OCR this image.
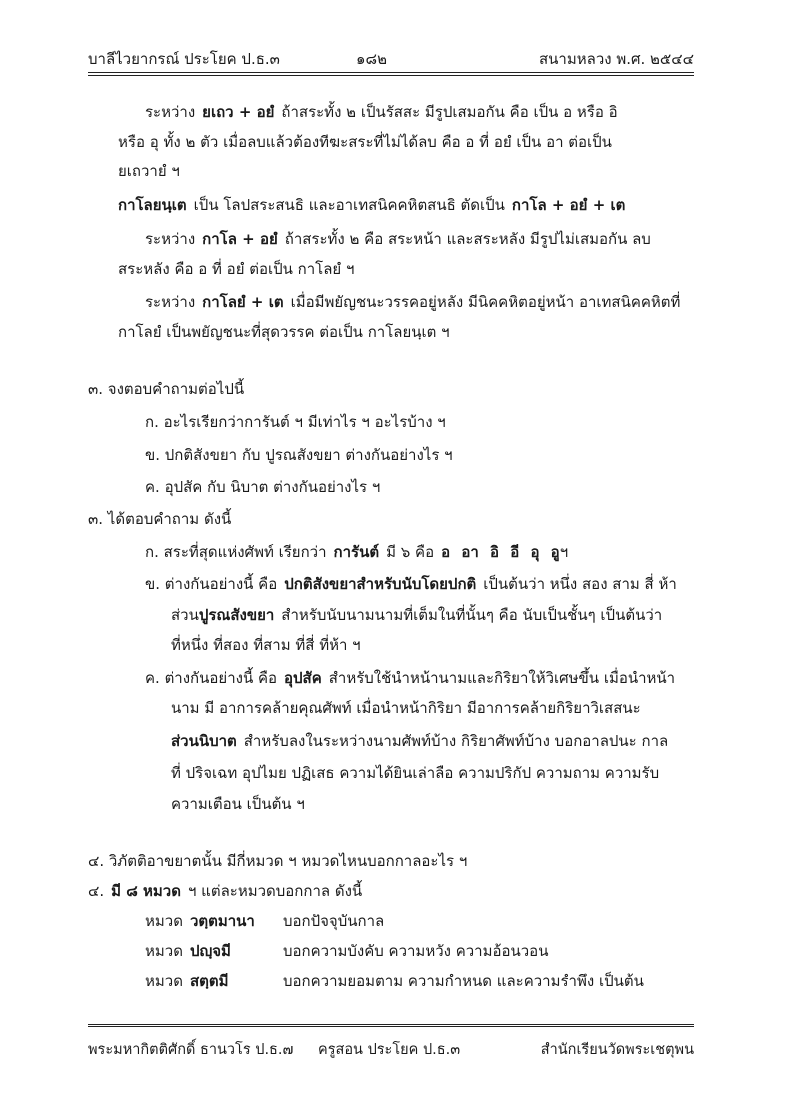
บาลีไวยากรณ์ ประโยค ป.ธ.๓	๑๘๒	สนามหลวง พ.ศ. ๒๕๔๔
ระหว่าง ยเถว + อยํ ถ้าสระทั้ง ๒ เป็นรัสสะ มีรูปเสมอกัน คือ เป็น อ หรือ อิ
หรือ อุ ทั้ง ๒ ตัว เมื่อลบแล้วต้องทีฆะสระที่ไม่ได้ลบ คือ อ ที่ อยํ เป็น อา ต่อเป็น
ยเถวายํ ฯ
กาโลยนฺเต เป็น โลปสระสนธิ และอาเทสนิคคหิตสนธิ ตัดเป็น กาโล + อยํ + เต
ระหว่าง กาโล + อยํ ถ้าสระทั้ง ๒ คือ สระหน้า และสระหลัง มีรูปไม่เสมอกัน ลบ
สระหลัง คือ อ ที่ อยํ ต่อเป็น กาโลยํ ฯ
ระหว่าง กาโลยํ + เต เมื่อมีพยัญชนะวรรคอยู่หลัง มีนิคคหิตอยู่หน้า อาเทสนิคคหิตที่
กาโลยํ เป็นพยัญชนะที่สุดวรรค ต่อเป็น กาโลยนฺเต ฯ
๓. จงตอบคำถามต่อไปนี้
ก. อะไรเรียกว่าการันต์ ฯ มีเท่าไร ฯ อะไรบ้าง ฯ
ข. ปกติสังขยา กับ ปูรณสังขยา ต่างกันอย่างไร ฯ
ค. อุปสัค กับ นิบาต ต่างกันอย่างไร ฯ
๓. ได้ตอบคำถาม ดังนี้
ก. สระที่สุดแห่งศัพท์ เรียกว่า การันต์ มี ๖ คือ อ อา อิ อี อุ อูฯ
ข. ต่างกันอย่างนี้ คือ ปกติสังขยาสำหรับนับโดยปกติ เป็นต้นว่า หนึ่ง สอง สาม สี่ ห้า
ส่วนปูรณสังขยา สำหรับนับนามนามที่เต็มในที่นั้นๆ คือ นับเป็นชั้นๆ เป็นต้นว่า
ที่หนึ่ง ที่สอง ที่สาม ที่สี่ ที่ห้า ฯ
ค. ต่างกันอย่างนี้ คือ อุปสัค สำหรับใช้นำหน้านามและกิริยาให้วิเศษขึ้น เมื่อนำหน้า
นาม มี อาการคล้ายคุณศัพท์ เมื่อนำหน้ากิริยา มีอาการคล้ายกิริยาวิเสสนะ
ส่วนนิบาต สำหรับลงในระหว่างนามศัพท์บ้าง กิริยาศัพท์บ้าง บอกอาลปนะ กาล
ที่ ปริจเฉท อุปไมย ปฏิเสธ ความได้ยินเล่าลือ ความปริกัป ความถาม ความรับ
ความเตือน เป็นต้น ฯ
๔. วิภัตติอาขยาตนั้น มีกี่หมวด ฯ หมวดไหนบอกกาลอะไร ฯ
๔. มี ๘ หมวด ฯ แต่ละหมวดบอกกาล ดังนี้
หมวด วตฺตมานา บอกปัจจุบันกาล
หมวด ปญฺจมี	บอกความบังคับ ความหวัง ความอ้อนวอน
หมวด สตฺตมี	บอกความยอมตาม ความกำหนด และความรำพึง เป็นต้น
พระมหากิตติศักดิ์ ธานวโร ป.ธ.๗ ครูสอน ประโยค ป.ธ.๓	สำนักเรียนวัดพระเชตุพน
